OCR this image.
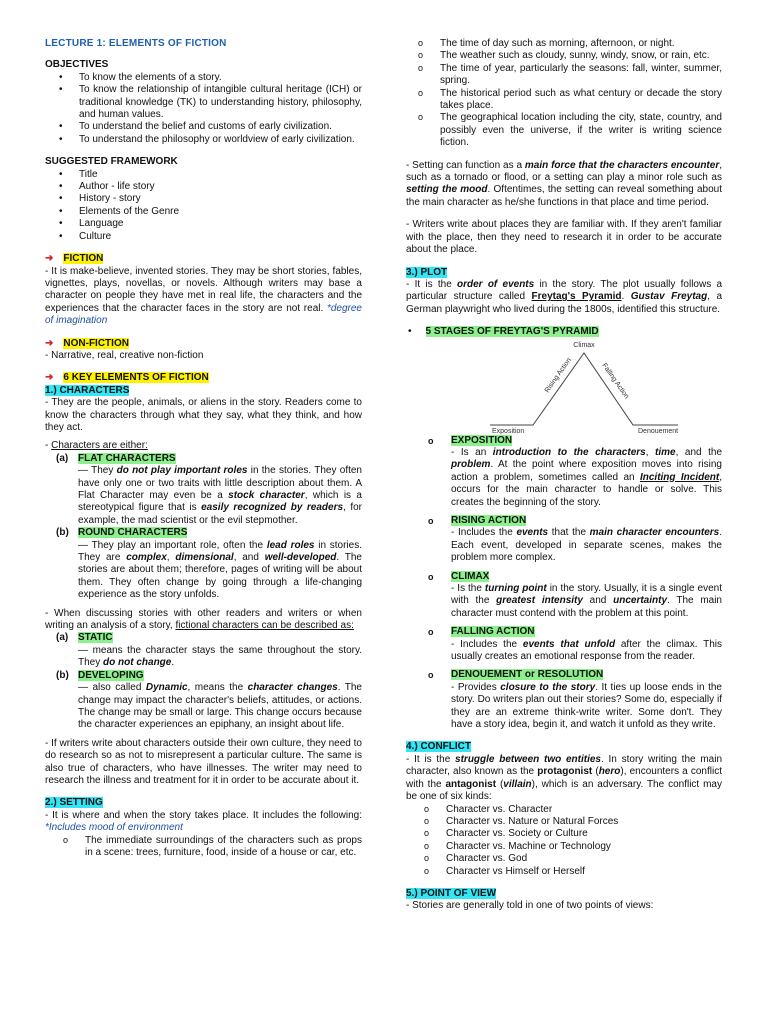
LECTURE 1: ELEMENTS OF FICTION

OBJECTIVES

• To know the elements of a story.
• To know the relationship of intangible cultural heritage (ICH) or traditional knowledge (TK) to understanding history, philosophy, and human values.
• To understand the belief and customs of early civilization.
• To understand the philosophy or worldview of early civilization.

SUGGESTED FRAMEWORK

• Title
• Author - life story
• History - story
• Elements of the Genre
• Language
• Culture

➜ FICTION

- It is make-believe, invented stories. They may be short stories, fables, vignettes, plays, novellas, or novels. Although writers may base a character on people they have met in real life, the characters and the experiences that the character faces in the story are not real. *degree of imagination

➜ NON-FICTION

- Narrative, real, creative non-fiction

➜ 6 KEY ELEMENTS OF FICTION

1.) CHARACTERS

- They are the people, animals, or aliens in the story. Readers come to know the characters through what they say, what they think, and how they act.

- Characters are either:

(a) FLAT CHARACTERS

— They do not play important roles in the stories. They often have only one or two traits with little description about them. A Flat Character may even be a stock character, which is a stereotypical figure that is easily recognized by readers, for example, the mad scientist or the evil stepmother.

(b) ROUND CHARACTERS

— They play an important role, often the lead roles in stories. They are complex, dimensional, and well-developed. The stories are about them; therefore, pages of writing will be about them. They often change by going through a life-changing experience as the story unfolds.

- When discussing stories with other readers and writers or when writing an analysis of a story, fictional characters can be described as:

(a) STATIC

— means the character stays the same throughout the story. They do not change.

(b) DEVELOPING

— also called Dynamic, means the character changes. The change may impact the character's beliefs, attitudes, or actions. The change may be small or large. This change occurs because the character experiences an epiphany, an insight about life.

- If writers write about characters outside their own culture, they need to do research so as not to misrepresent a particular culture. The same is also true of characters, who have illnesses. The writer may need to research the illness and treatment for it in order to be accurate about it.

2.) SETTING

- It is where and when the story takes place. It includes the following: *Includes mood of environment

o The immediate surroundings of the characters such as props in a scene: trees, furniture, food, inside of a house or car, etc.
o The time of day such as morning, afternoon, or night.
o The weather such as cloudy, sunny, windy, snow, or rain, etc.
o The time of year, particularly the seasons: fall, winter, summer, spring.
o The historical period such as what century or decade the story takes place.
o The geographical location including the city, state, country, and possibly even the universe, if the writer is writing science fiction.

- Setting can function as a main force that the characters encounter, such as a tornado or flood, or a setting can play a minor role such as setting the mood. Oftentimes, the setting can reveal something about the main character as he/she functions in that place and time period.

- Writers write about places they are familiar with. If they aren't familiar with the place, then they need to research it in order to be accurate about the place.

3.) PLOT

- It is the order of events in the story. The plot usually follows a particular structure called Freytag's Pyramid. Gustav Freytag, a German playwright who lived during the 1800s, identified this structure.

• 5 STAGES OF FREYTAG'S PYRAMID

Climax
Rising Action	Falling Action
Exposition	Denouement

o EXPOSITION

- Is an introduction to the characters, time, and the problem. At the point where exposition moves into rising action a problem, sometimes called an Inciting Incident, occurs for the main character to handle or solve. This creates the beginning of the story.

o RISING ACTION

- Includes the events that the main character encounters. Each event, developed in separate scenes, makes the problem more complex.

o CLIMAX

- Is the turning point in the story. Usually, it is a single event with the greatest intensity and uncertainty. The main character must contend with the problem at this point.

o FALLING ACTION

- Includes the events that unfold after the climax. This usually creates an emotional response from the reader.

o DENOUEMENT or RESOLUTION

- Provides closure to the story. It ties up loose ends in the story. Do writers plan out their stories? Some do, especially if they are an extreme think-write writer. Some don't. They have a story idea, begin it, and watch it unfold as they write.

4.) CONFLICT

- It is the struggle between two entities. In story writing the main character, also known as the protagonist (hero), encounters a conflict with the antagonist (villain), which is an adversary. The conflict may be one of six kinds:

o Character vs. Character
o Character vs. Nature or Natural Forces
o Character vs. Society or Culture
o Character vs. Machine or Technology
o Character vs. God
o Character vs Himself or Herself

5.) POINT OF VIEW

- Stories are generally told in one of two points of views:
